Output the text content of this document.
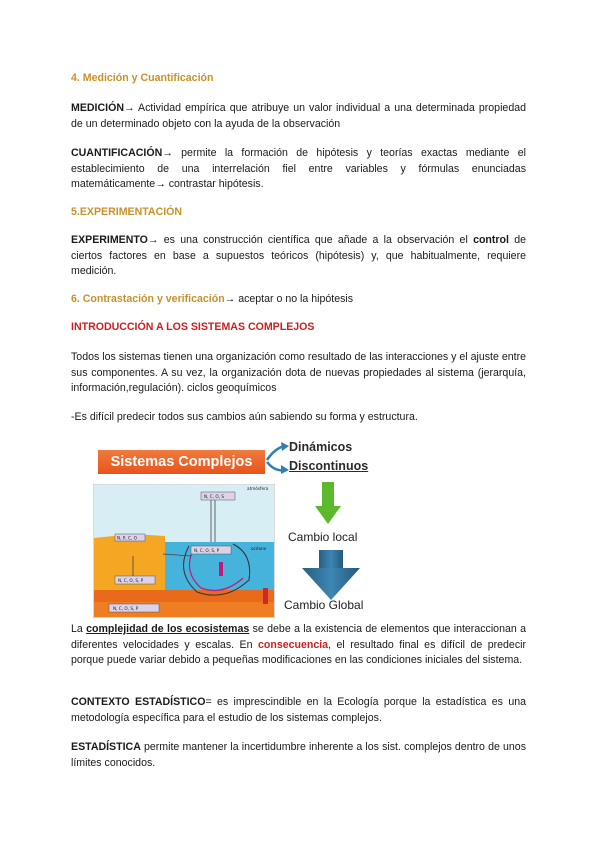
4. Medición y Cuantificación

MEDICIÓN→ Actividad empírica que atribuye un valor individual a una determinada propiedad de un determinado objeto con la ayuda de la observación

CUANTIFICACIÓN→ permite la formación de hipótesis y teorías exactas mediante el establecimiento de una interrelación fiel entre variables y fórmulas enunciadas matemáticamente→ contrastar hipótesis.

5.EXPERIMENTACIÓN

EXPERIMENTO→ es una construcción científica que añade a la observación el control de ciertos factores en base a supuestos teóricos (hipótesis) y, que habitualmente, requiere medición.

6. Contrastación y verificación→ aceptar o no la hipótesis

INTRODUCCIÓN A LOS SISTEMAS COMPLEJOS

Todos los sistemas tienen una organización como resultado de las interacciones y el ajuste entre sus componentes. A su vez, la organización dota de nuevas propiedades al sistema (jerarquía, información,regulación). ciclos geoquímicos

-Es difícil predecir todos sus cambios aún sabiendo su forma y estructura.

La complejidad de los ecosistemas se debe a la existencia de elementos que interaccionan a diferentes velocidades y escalas. En consecuencia, el resultado final es difícil de predecir porque puede variar debido a pequeñas modificaciones en las condiciones iniciales del sistema.

CONTEXTO ESTADÍSTICO= es imprescindible en la Ecología porque la estadística es una metodología específica para el estudio de los sistemas complejos.

ESTADÍSTICA permite mantener la incertidumbre inherente a los sist. complejos dentro de unos límites conocidos.

Sistemas Complejos
Dinámicos
Discontinuos
Cambio local
Cambio Global
atmósfera
océano
N, C, O, S
N, C, O, S, P
N, P, C, O
N, C, O, S, P
N, C, O, S, P
